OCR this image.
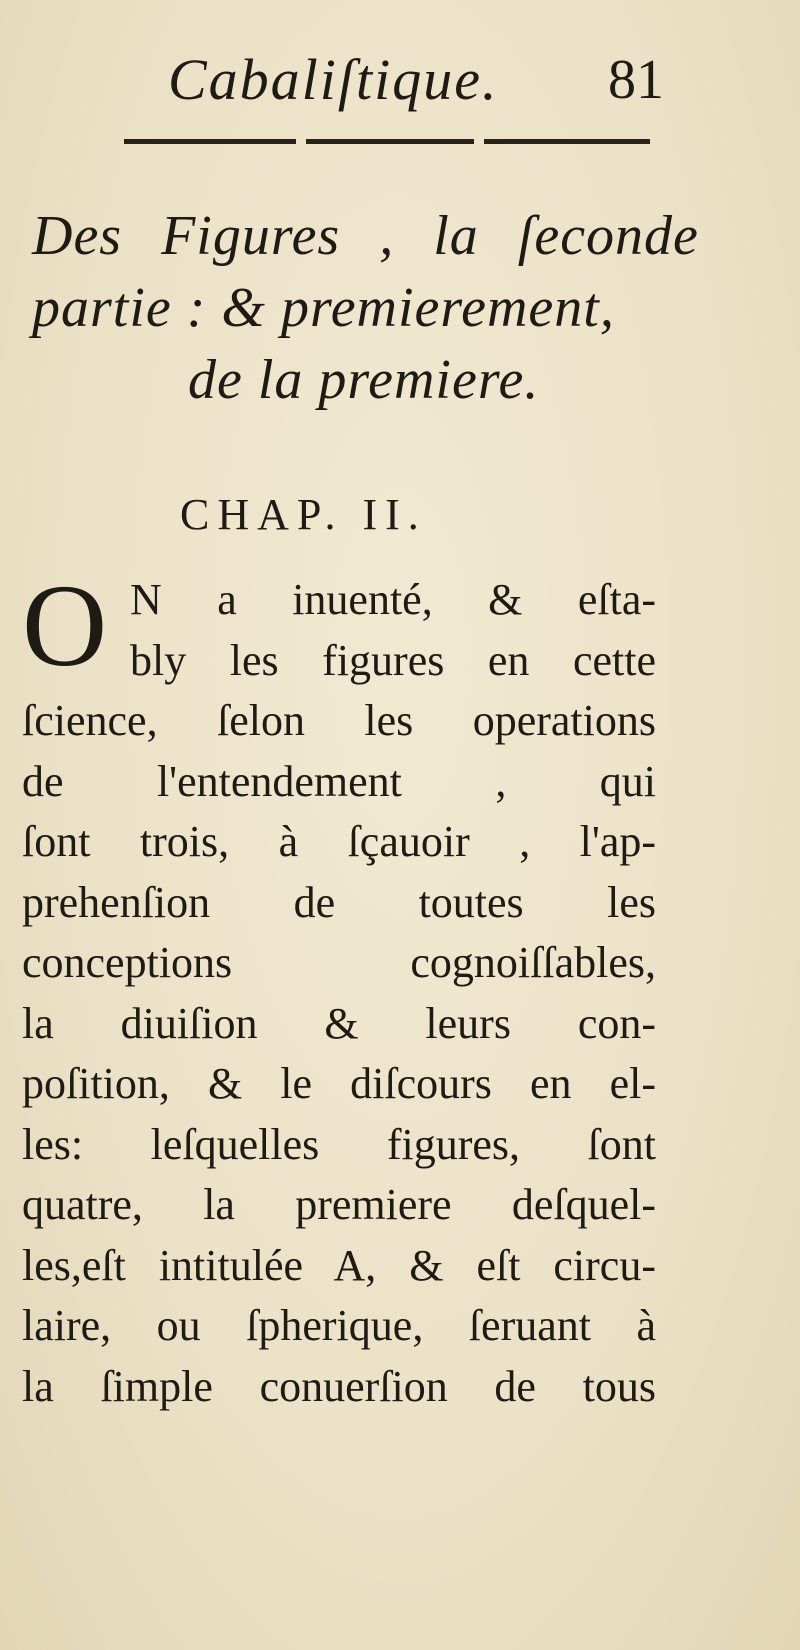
Cabaliſtique. 81
Des Figures , la ſeconde
partie : & premierement,
de la premiere.
CHAP. II.
O N a inuenté, & eſta-
bly les figures en cette
ſcience, ſelon les operations
de l'entendement , qui
ſont trois, à ſçauoir , l'ap-
prehenſion de toutes les
conceptions cognoiſſables,
la diuiſion & leurs con-
poſition, & le diſcours en el-
les: leſquelles figures, ſont
quatre, la premiere deſquel-
les,eſt intitulée A, & eſt circu-
laire, ou ſpherique, ſeruant à
la ſimple conuerſion de tous
